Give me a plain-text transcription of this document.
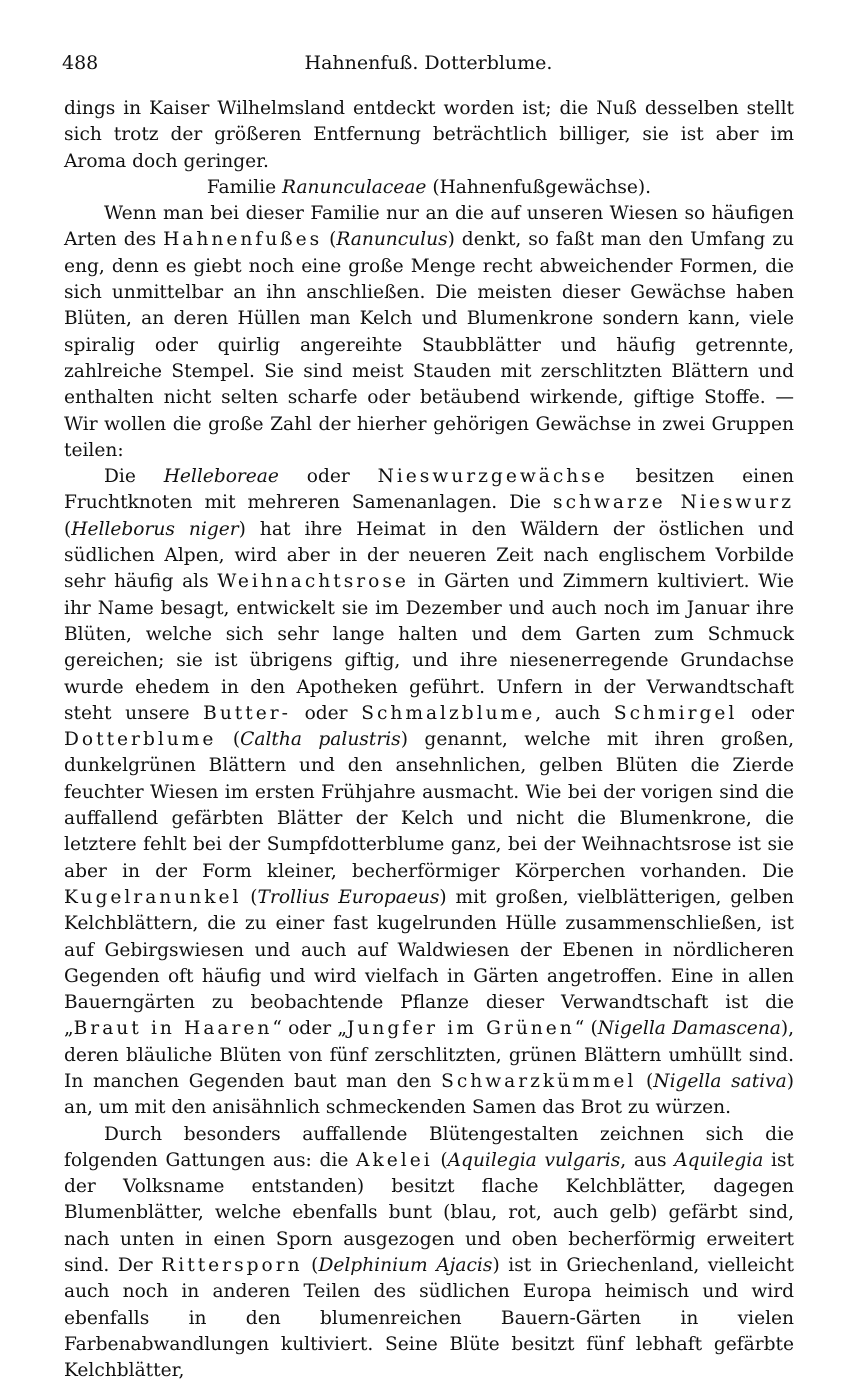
488	Hahnenfuß. Dotterblume.

dings in Kaiser Wilhelmsland entdeckt worden ist; die Nuß desselben stellt sich trotz der größeren Entfernung beträchtlich billiger, sie ist aber im Aroma doch geringer.

Familie Ranunculaceae (Hahnenfußgewächse).

Wenn man bei dieser Familie nur an die auf unseren Wiesen so häufigen Arten des Hahnenfußes (Ranunculus) denkt, so faßt man den Umfang zu eng, denn es giebt noch eine große Menge recht abweichender Formen, die sich unmittelbar an ihn anschließen. Die meisten dieser Gewächse haben Blüten, an deren Hüllen man Kelch und Blumenkrone sondern kann, viele spiralig oder quirlig angereihte Staubblätter und häufig getrennte, zahlreiche Stempel. Sie sind meist Stauden mit zerschlitzten Blättern und enthalten nicht selten scharfe oder betäubend wirkende, giftige Stoffe. — Wir wollen die große Zahl der hierher gehörigen Gewächse in zwei Gruppen teilen:

Die Helleboreae oder Nieswurzgewächse besitzen einen Fruchtknoten mit mehreren Samenanlagen. Die schwarze Nieswurz (Helleborus niger) hat ihre Heimat in den Wäldern der östlichen und südlichen Alpen, wird aber in der neueren Zeit nach englischem Vorbilde sehr häufig als Weihnachtsrose in Gärten und Zimmern kultiviert. Wie ihr Name besagt, entwickelt sie im Dezember und auch noch im Januar ihre Blüten, welche sich sehr lange halten und dem Garten zum Schmuck gereichen; sie ist übrigens giftig, und ihre niesenerregende Grundachse wurde ehedem in den Apotheken geführt. Unfern in der Verwandtschaft steht unsere Butter- oder Schmalzblume, auch Schmirgel oder Dotterblume (Caltha palustris) genannt, welche mit ihren großen, dunkelgrünen Blättern und den ansehnlichen, gelben Blüten die Zierde feuchter Wiesen im ersten Frühjahre ausmacht. Wie bei der vorigen sind die auffallend gefärbten Blätter der Kelch und nicht die Blumenkrone, die letztere fehlt bei der Sumpfdotterblume ganz, bei der Weihnachtsrose ist sie aber in der Form kleiner, becherförmiger Körperchen vorhanden. Die Kugelranunkel (Trollius Europaeus) mit großen, vielblätterigen, gelben Kelchblättern, die zu einer fast kugelrunden Hülle zusammenschließen, ist auf Gebirgswiesen und auch auf Waldwiesen der Ebenen in nördlicheren Gegenden oft häufig und wird vielfach in Gärten angetroffen. Eine in allen Bauerngärten zu beobachtende Pflanze dieser Verwandtschaft ist die „Braut in Haaren“ oder „Jungfer im Grünen“ (Nigella Damascena), deren bläuliche Blüten von fünf zerschlitzten, grünen Blättern umhüllt sind. In manchen Gegenden baut man den Schwarzkümmel (Nigella sativa) an, um mit den anisähnlich schmeckenden Samen das Brot zu würzen.

Durch besonders auffallende Blütengestalten zeichnen sich die folgenden Gattungen aus: die Akelei (Aquilegia vulgaris, aus Aquilegia ist der Volksname entstanden) besitzt flache Kelchblätter, dagegen Blumenblätter, welche ebenfalls bunt (blau, rot, auch gelb) gefärbt sind, nach unten in einen Sporn ausgezogen und oben becherförmig erweitert sind. Der Rittersporn (Delphinium Ajacis) ist in Griechenland, vielleicht auch noch in anderen Teilen des südlichen Europa heimisch und wird ebenfalls in den blumenreichen Bauern-Gärten in vielen Farbenabwandlungen kultiviert. Seine Blüte besitzt fünf lebhaft gefärbte Kelchblätter,
